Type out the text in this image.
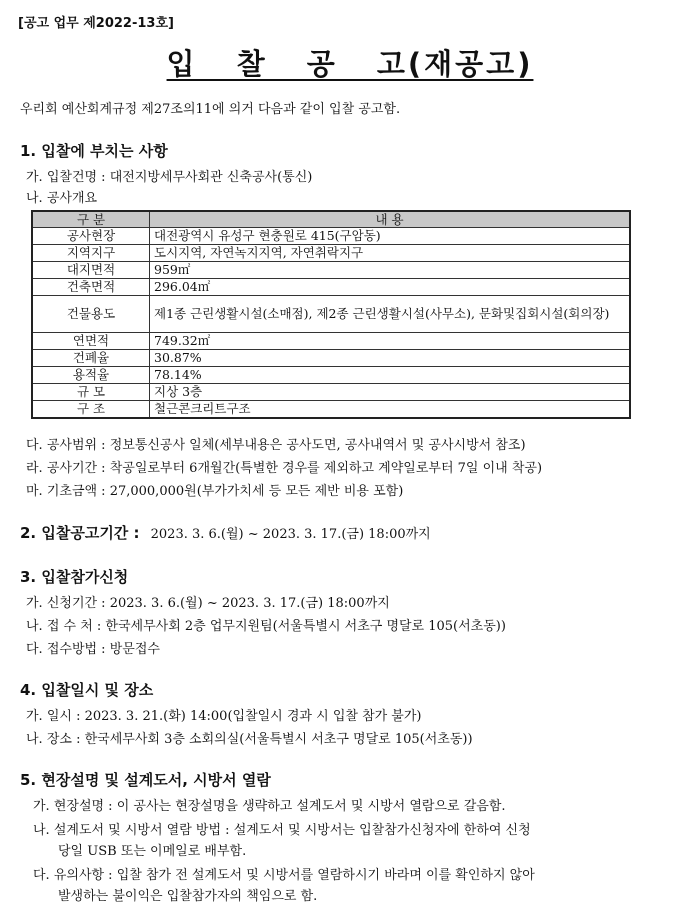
[공고 업무 제2022-13호]
입 찰 공 고(재공고)
우리회 예산회계규정 제27조의11에 의거 다음과 같이 입찰 공고함.
1. 입찰에 부치는 사항
가. 입찰건명 : 대전지방세무사회관 신축공사(통신)
나. 공사개요
구 분	내 용
공사현장	대전광역시 유성구 현충원로 415(구암동)
지역지구	도시지역, 자연녹지지역, 자연취락지구
대지면적	959㎡
건축면적	296.04㎡
건물용도	제1종 근린생활시설(소매점), 제2종 근린생활시설(사무소), 문화및집회시설(회의장)
연면적	749.32㎡
건폐율	30.87%
용적율	78.14%
규 모	지상 3층
구 조	철근콘크리트구조
다. 공사범위 : 정보통신공사 일체(세부내용은 공사도면, 공사내역서 및 공사시방서 참조)
라. 공사기간 : 착공일로부터 6개월간(특별한 경우를 제외하고 계약일로부터 7일 이내 착공)
마. 기초금액 : 27,000,000원(부가가치세 등 모든 제반 비용 포함)
2. 입찰공고기간 : 2023. 3. 6.(월) ~ 2023. 3. 17.(금) 18:00까지
3. 입찰참가신청
가. 신청기간 : 2023. 3. 6.(월) ~ 2023. 3. 17.(금) 18:00까지
나. 접 수 처 : 한국세무사회 2층 업무지원팀(서울특별시 서초구 명달로 105(서초동))
다. 접수방법 : 방문접수
4. 입찰일시 및 장소
가. 일시 : 2023. 3. 21.(화) 14:00(입찰일시 경과 시 입찰 참가 불가)
나. 장소 : 한국세무사회 3층 소회의실(서울특별시 서초구 명달로 105(서초동))
5. 현장설명 및 설계도서, 시방서 열람
가. 현장설명 : 이 공사는 현장설명을 생략하고 설계도서 및 시방서 열람으로 갈음함.
나. 설계도서 및 시방서 열람 방법 : 설계도서 및 시방서는 입찰참가신청자에 한하여 신청
당일 USB 또는 이메일로 배부함.
다. 유의사항 : 입찰 참가 전 설계도서 및 시방서를 열람하시기 바라며 이를 확인하지 않아
발생하는 불이익은 입찰참가자의 책임으로 함.
